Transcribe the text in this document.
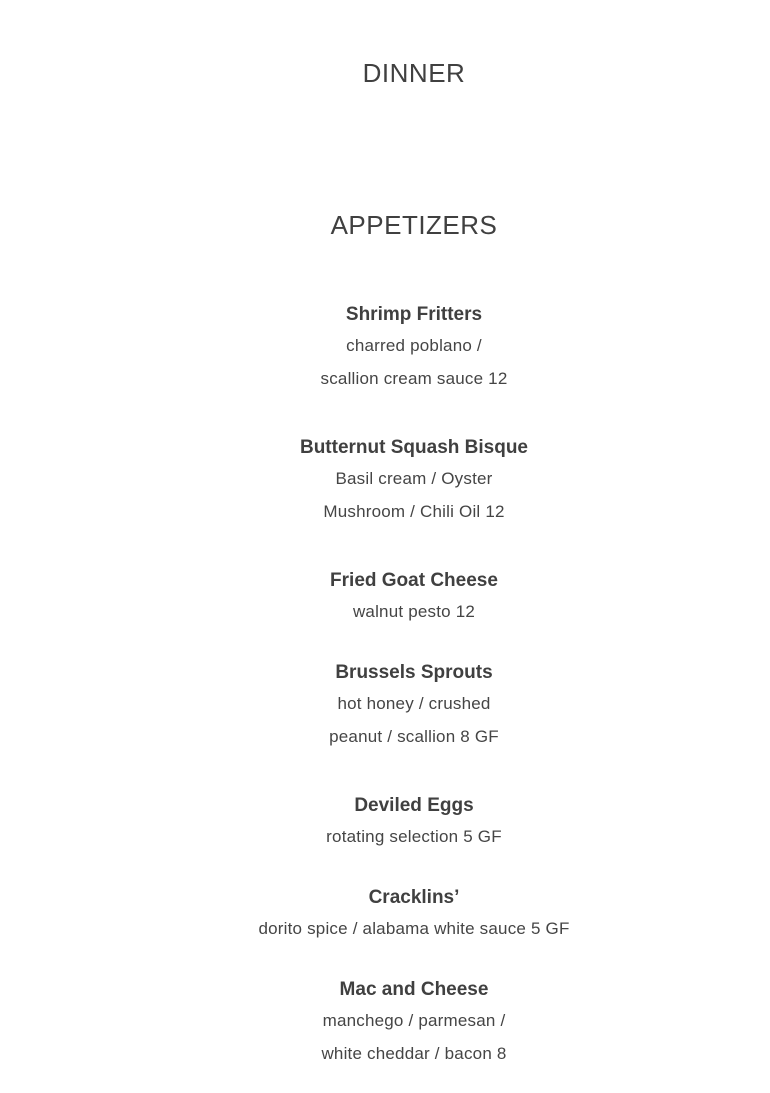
DINNER
APPETIZERS
Shrimp Fritters
charred poblano /
scallion cream sauce 12
Butternut Squash Bisque
Basil cream / Oyster
Mushroom / Chili Oil 12
Fried Goat Cheese
walnut pesto 12
Brussels Sprouts
hot honey / crushed
peanut / scallion 8 GF
Deviled Eggs
rotating selection 5 GF
Cracklins’
dorito spice / alabama white sauce 5 GF
Mac and Cheese
manchego / parmesan /
white cheddar / bacon 8
